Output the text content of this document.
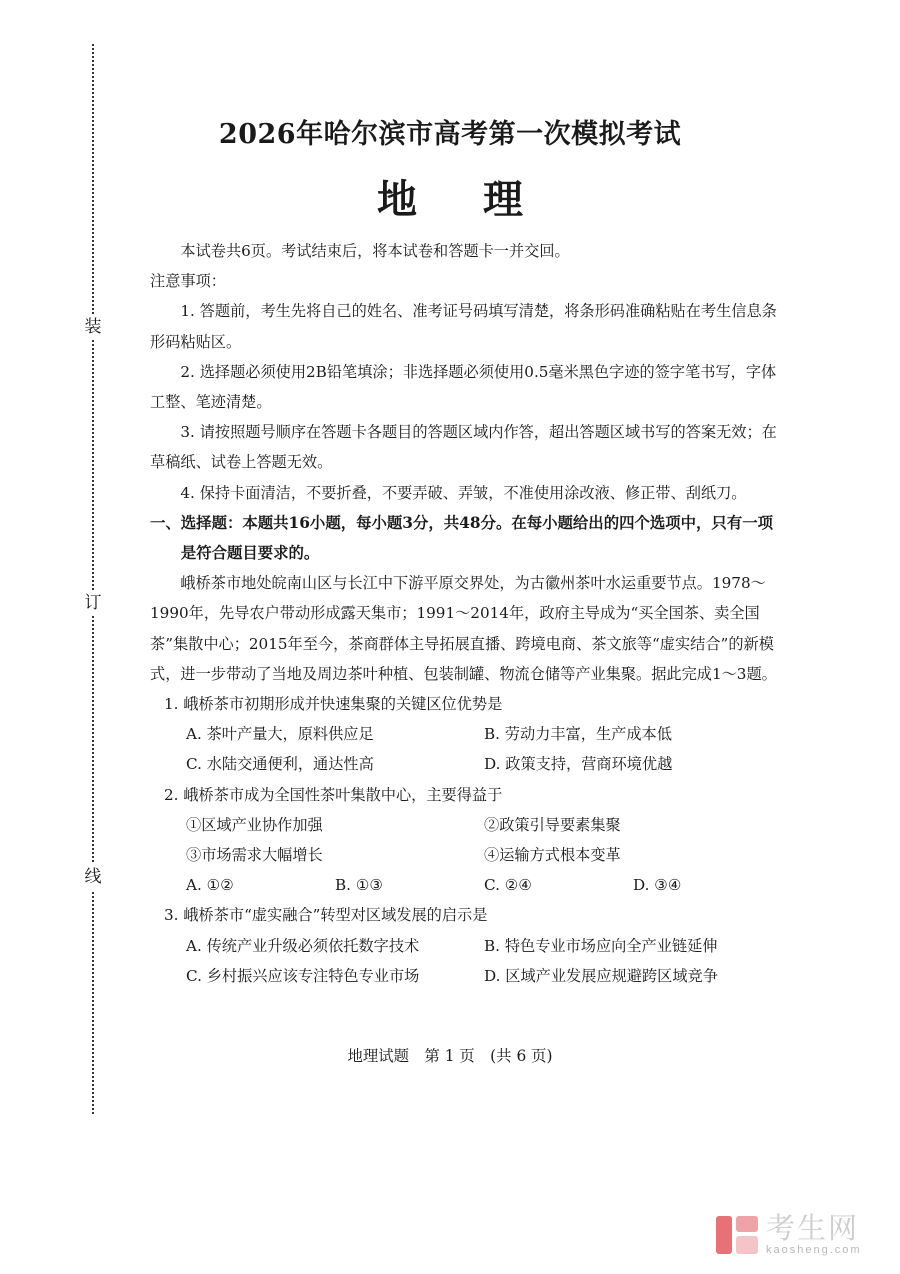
装
订
线
2026年哈尔滨市高考第一次模拟考试
地 理

本试卷共6页。考试结束后，将本试卷和答题卡一并交回。

注意事项：

1. 答题前，考生先将自己的姓名、准考证号码填写清楚，将条形码准确粘贴在考生信息条形码粘贴区。

2. 选择题必须使用2B铅笔填涂；非选择题必须使用0.5毫米黑色字迹的签字笔书写，字体工整、笔迹清楚。

3. 请按照题号顺序在答题卡各题目的答题区域内作答，超出答题区域书写的答案无效；在草稿纸、试卷上答题无效。

4. 保持卡面清洁，不要折叠，不要弄破、弄皱，不准使用涂改液、修正带、刮纸刀。

一、选择题：本题共16小题，每小题3分，共48分。在每小题给出的四个选项中，只有一项是符合题目要求的。

峨桥茶市地处皖南山区与长江中下游平原交界处，为古徽州茶叶水运重要节点。1978～1990年，先导农户带动形成露天集市；1991～2014年，政府主导成为“买全国茶、卖全国茶”集散中心；2015年至今，茶商群体主导拓展直播、跨境电商、茶文旅等“虚实结合”的新模式，进一步带动了当地及周边茶叶种植、包装制罐、物流仓储等产业集聚。据此完成1～3题。

1. 峨桥茶市初期形成并快速集聚的关键区位优势是

A. 茶叶产量大，原料供应足	B. 劳动力丰富，生产成本低
C. 水陆交通便利，通达性高	D. 政策支持，营商环境优越

2. 峨桥茶市成为全国性茶叶集散中心，主要得益于

①区域产业协作加强	②政策引导要素集聚
③市场需求大幅增长	④运输方式根本变革
A. ①②	B. ①③	C. ②④	D. ③④

3. 峨桥茶市“虚实融合”转型对区域发展的启示是

A. 传统产业升级必须依托数字技术	B. 特色专业市场应向全产业链延伸
C. 乡村振兴应该专注特色专业市场	D. 区域产业发展应规避跨区域竞争
地理试题　第 1 页　(共 6 页)
考生网
kaosheng.com
